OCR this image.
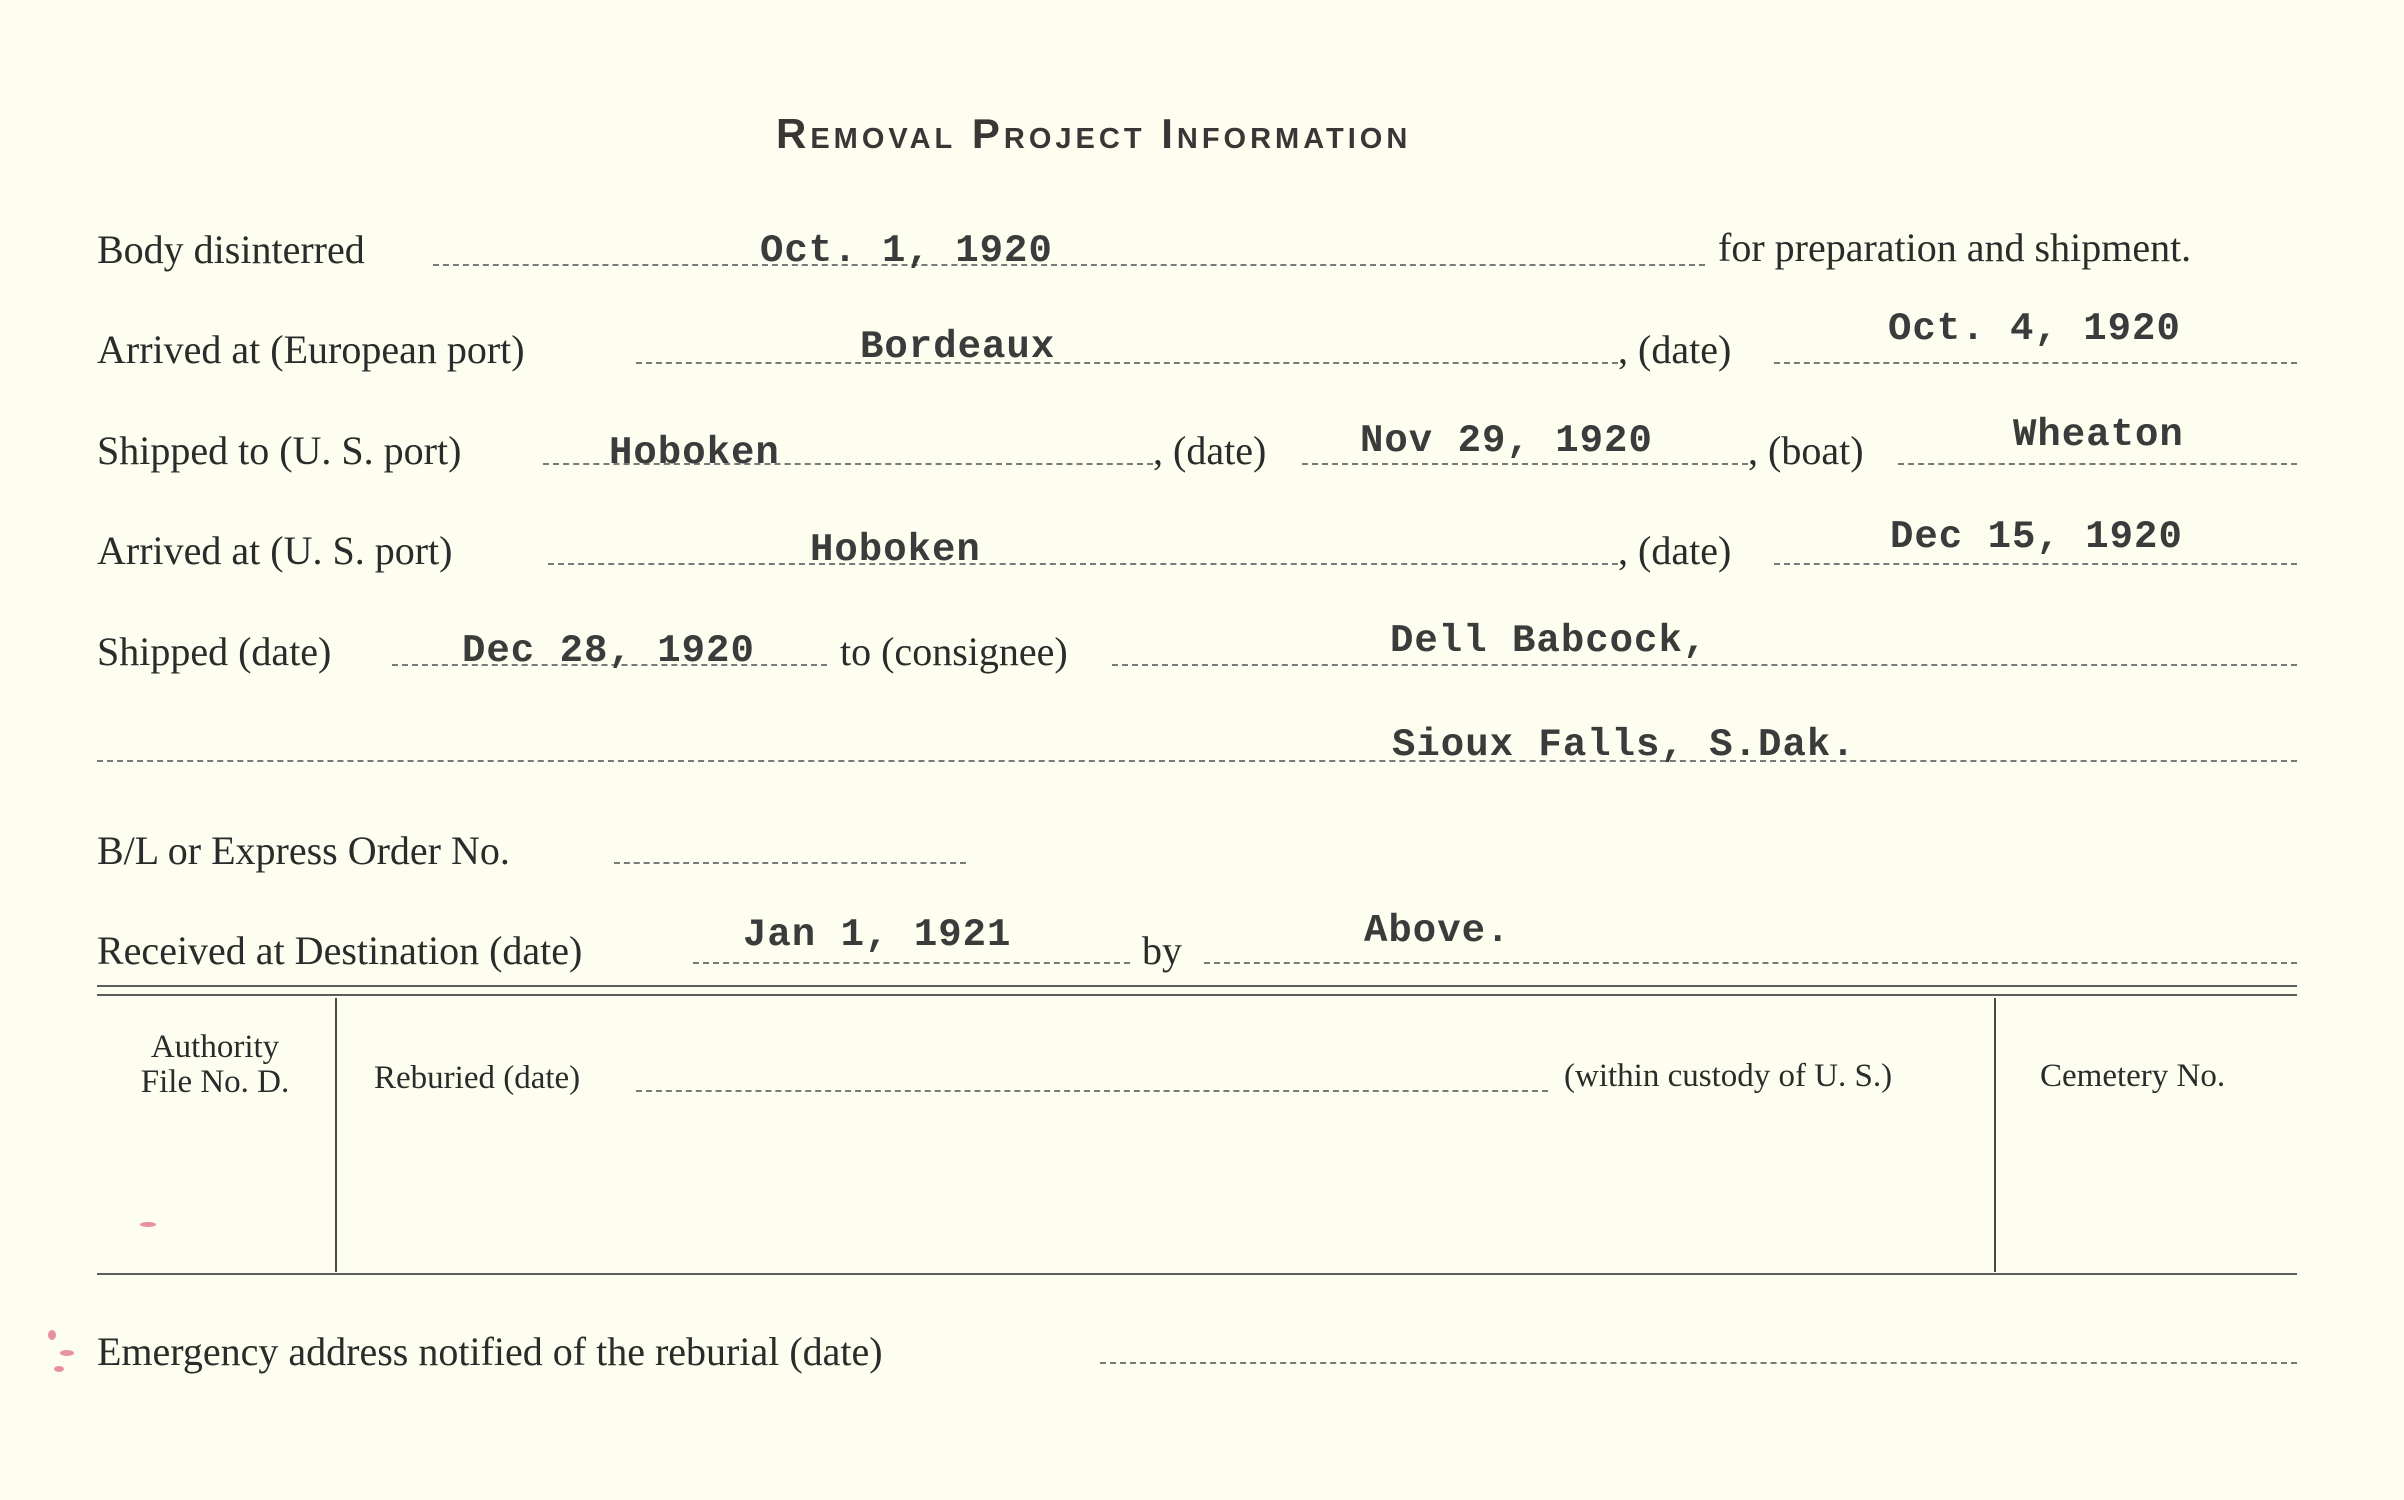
Removal Project Information
Body disinterred	Oct. 1, 1920	for preparation and shipment.
Arrived at (European port)	Bordeaux	, (date)	Oct. 4, 1920
Shipped to (U. S. port)	Hoboken	, (date) Nov 29, 1920 , (boat)	Wheaton
Arrived at (U. S. port)	Hoboken	, (date)	Dec 15, 1920
Shipped (date)	Dec 28, 1920 to (consignee)	Dell Babcock,
Sioux Falls, S.Dak.
B/L or Express Order No.
Received at Destination (date)	Jan 1, 1921	by	Above.
Authority
File No. D.	Reburied (date)	(within custody of U. S.)	Cemetery No.
Emergency address notified of the reburial (date)
